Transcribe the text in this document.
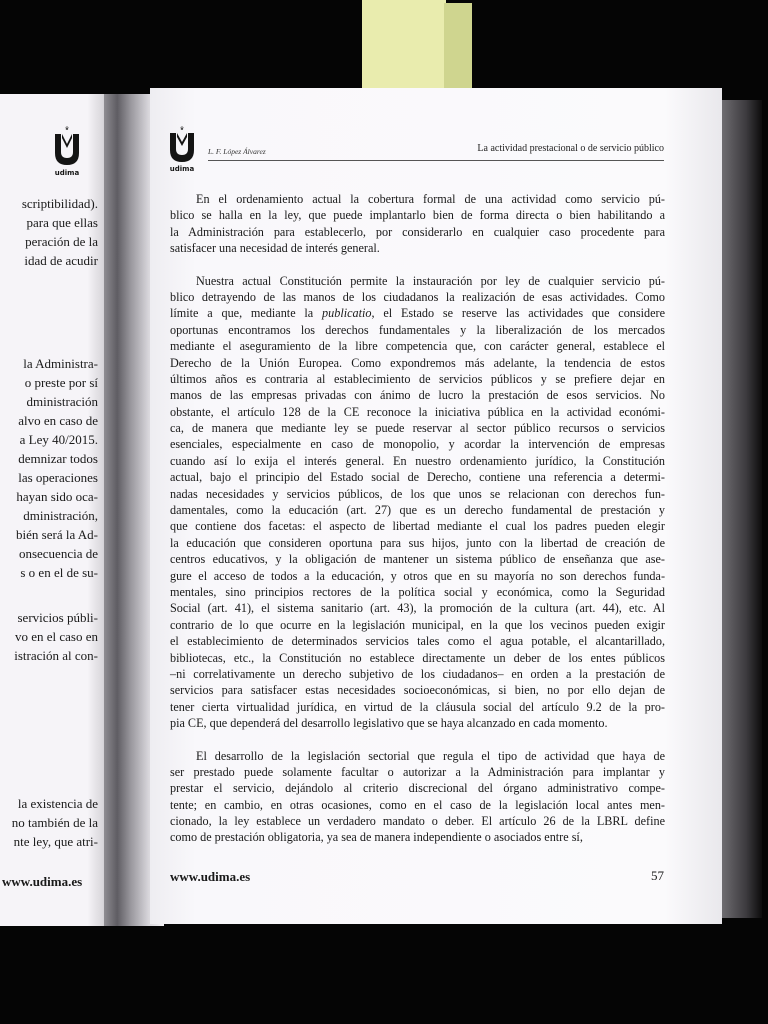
♛
udima
scriptibilidad).
para que ellas
peración de la
idad de acudir
la Administra-
o preste por sí
dministración
alvo en caso de
a Ley 40/2015.
demnizar todos
las operaciones
hayan sido oca-
dministración,
bién será la Ad-
onsecuencia de
s o en el de su-
servicios públi-
vo en el caso en
istración al con-
la existencia de
no también de la
nte ley, que atri-
www.udima.es
♛
udima
L. F. López Álvarez	La actividad prestacional o de servicio público
En el ordenamiento actual la cobertura formal de una actividad como servicio pú-
blico se halla en la ley, que puede implantarlo bien de forma directa o bien habilitando a
la Administración para establecerlo, por considerarlo en cualquier caso procedente para
satisfacer una necesidad de interés general.
Nuestra actual Constitución permite la instauración por ley de cualquier servicio pú-
blico detrayendo de las manos de los ciudadanos la realización de esas actividades. Como
límite a que, mediante la publicatio, el Estado se reserve las actividades que considere
oportunas encontramos los derechos fundamentales y la liberalización de los mercados
mediante el aseguramiento de la libre competencia que, con carácter general, establece el
Derecho de la Unión Europea. Como expondremos más adelante, la tendencia de estos
últimos años es contraria al establecimiento de servicios públicos y se prefiere dejar en
manos de las empresas privadas con ánimo de lucro la prestación de esos servicios. No
obstante, el artículo 128 de la CE reconoce la iniciativa pública en la actividad económi-
ca, de manera que mediante ley se puede reservar al sector público recursos o servicios
esenciales, especialmente en caso de monopolio, y acordar la intervención de empresas
cuando así lo exija el interés general. En nuestro ordenamiento jurídico, la Constitución
actual, bajo el principio del Estado social de Derecho, contiene una referencia a determi-
nadas necesidades y servicios públicos, de los que unos se relacionan con derechos fun-
damentales, como la educación (art. 27) que es un derecho fundamental de prestación y
que contiene dos facetas: el aspecto de libertad mediante el cual los padres pueden elegir
la educación que consideren oportuna para sus hijos, junto con la libertad de creación de
centros educativos, y la obligación de mantener un sistema público de enseñanza que ase-
gure el acceso de todos a la educación, y otros que en su mayoría no son derechos funda-
mentales, sino principios rectores de la política social y económica, como la Seguridad
Social (art. 41), el sistema sanitario (art. 43), la promoción de la cultura (art. 44), etc. Al
contrario de lo que ocurre en la legislación municipal, en la que los vecinos pueden exigir
el establecimiento de determinados servicios tales como el agua potable, el alcantarillado,
bibliotecas, etc., la Constitución no establece directamente un deber de los entes públicos
–ni correlativamente un derecho subjetivo de los ciudadanos– en orden a la prestación de
servicios para satisfacer estas necesidades socioeconómicas, si bien, no por ello dejan de
tener cierta virtualidad jurídica, en virtud de la cláusula social del artículo 9.2 de la pro-
pia CE, que dependerá del desarrollo legislativo que se haya alcanzado en cada momento.
El desarrollo de la legislación sectorial que regula el tipo de actividad que haya de
ser prestado puede solamente facultar o autorizar a la Administración para implantar y
prestar el servicio, dejándolo al criterio discrecional del órgano administrativo compe-
tente; en cambio, en otras ocasiones, como en el caso de la legislación local antes men-
cionado, la ley establece un verdadero mandato o deber. El artículo 26 de la LBRL define
como de prestación obligatoria, ya sea de manera independiente o asociados entre sí,
www.udima.es	57
